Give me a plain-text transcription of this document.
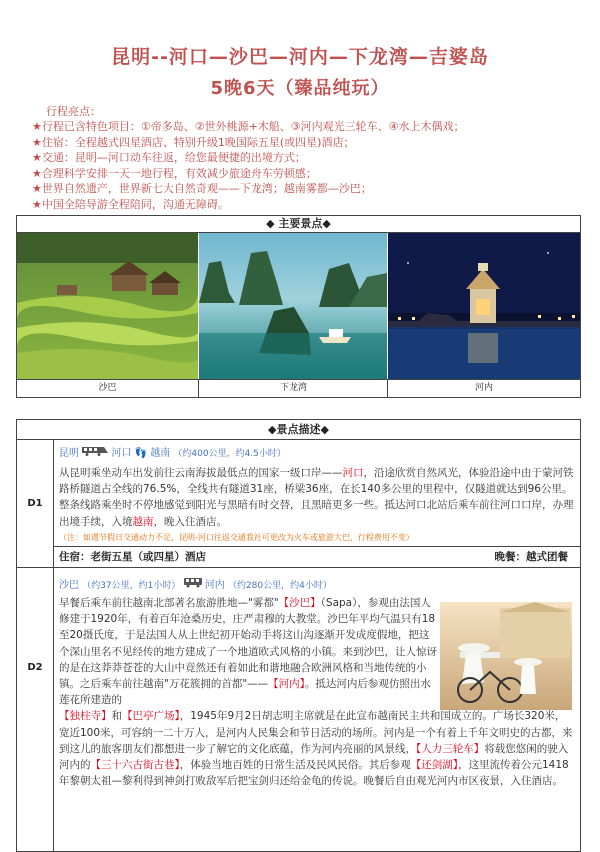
昆明--河口—沙巴—河内—下龙湾—吉婆岛
5晚6天（臻品纯玩）
行程亮点：
★行程已含特色项目：①帝多岛、②世外桃源+木船、③河内观光三轮车、④水上木偶戏；
★住宿：全程越式四星酒店、特别升级1晚国际五星(或四星)酒店；
★交通：昆明—河口动车往返，给您最便捷的出境方式；
★合理科学安排一天一地行程，有效减少旅途舟车劳顿感；
★世界自然遗产，世界新七大自然奇观——下龙湾；越南雾都—沙巴；
★中国全陪导游全程陪同，沟通无障碍。
◆ 主要景点◆
沙巴	下龙湾	河内
◆景点描述◆
D1
昆明	河口 👣 越南 （约400公里，约4.5小时）
从昆明乘坐动车出发前往云南海拔最低点的国家一级口岸——河口，沿途欣赏自然风光，体验沿途中由于蒙河铁路桥隧道占全线的76.5%，全线共有隧道31座，桥梁36座，在长140多公里的里程中，仅隧道就达到96公里。整条线路乘坐时不停地感觉到阳光与黑暗有时交替，且黑暗更多一些。抵达河口北站后乘车前往河口口岸，办理出境手续，入境越南，晚入住酒店。
（注：如遇节假日交通动力不足，昆明-河口往返交通我社可更改为火车或旅游大巴，行程费用不变）
住宿：老街五星（或四星）酒店	晚餐：越式团餐
D2
沙巴 （约37公里，约1小时） 河内 （约280公里，约4小时）
早餐后乘车前往越南北部著名旅游胜地—"雾都"【沙巴】（Sapa），参观由法国人修建于1920年，有着百年沧桑历史，庄严肃穆的大教堂。沙巴年平均气温只有18至20摄氏度，于是法国人从上世纪初开始动手将这山沟逐渐开发成度假地，把这个深山里名不见经传的地方建成了一个地道欧式风格的小镇。来到沙巴，让人惊讶的是在这莽莽苍苍的大山中竟然还有着如此和谐地融合欧洲风格和当地传统的小镇。之后乘车前往越南"万花簇拥的首都"——【河内】。抵达河内后参观仿照出水莲花所建造的
【独柱寺】和【巴亭广场】，1945年9月2日胡志明主席就是在此宣布越南民主共和国成立的。广场长320米，宽近100米，可容纳一二十万人，是河内人民集会和节日活动的场所。河内是一个有着上千年文明史的古都，来到这儿的旅客朋友们都想进一步了解它的文化底蕴，作为河内亮丽的风景线，【人力三轮车】将载您悠闲的驶入河内的【三十六古街古巷】，体验当地百姓的日常生活及民风民俗。其后参观【还剑湖】，这里流传着公元1418年黎朝太祖—黎利得到神剑打败敌军后把宝剑归还给金龟的传说。晚餐后自由观光河内市区夜景，入住酒店。
